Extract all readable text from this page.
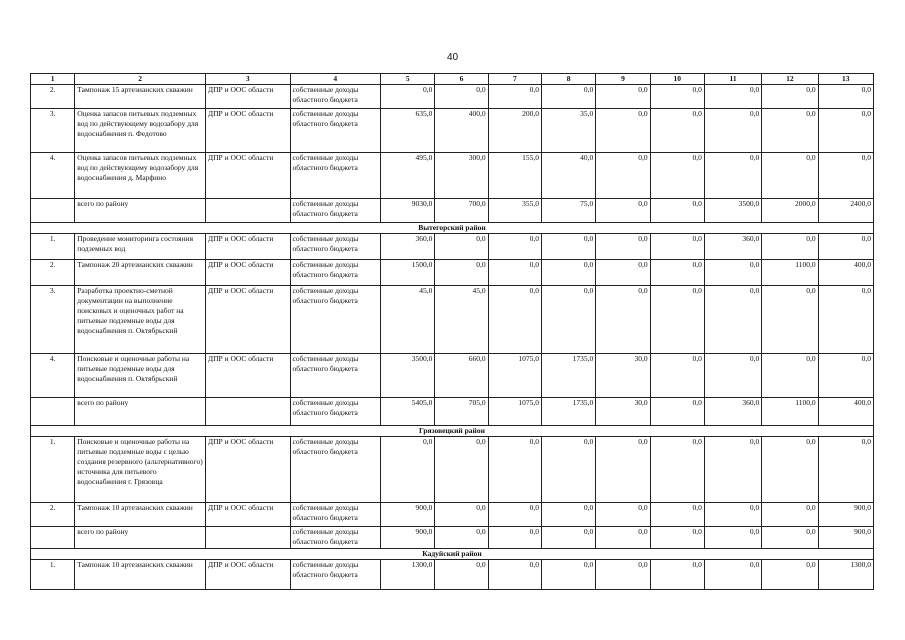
40
1	2	3	4	5	6	7	8	9	10	11	12	13
2.	Тампонаж 15 артезианских скважин	ДПР и ООС области	собственные доходы областного бюджета	0,0	0,0	0,0	0,0	0,0	0,0	0,0	0,0	0,0
3.	Оценка запасов питьевых подземных вод по действующему водозабору для водоснабжения п. Федотово	ДПР и ООС области	собственные доходы областного бюджета	635,0	400,0	200,0	35,0	0,0	0,0	0,0	0,0	0,0
4.	Оценка запасов питьевых подземных вод по действующему водозабору для водоснабжения д. Марфино	ДПР и ООС области	собственные доходы областного бюджета	495,0	300,0	155,0	40,0	0,0	0,0	0,0	0,0	0,0
	всего по району		собственные доходы областного бюджета	9030,0	700,0	355,0	75,0	0,0	0,0	3500,0	2000,0	2400,0
Вытегорский район												
1.	Проведение мониторинга состояния подземных вод	ДПР и ООС области	собственные доходы областного бюджета	360,0	0,0	0,0	0,0	0,0	0,0	360,0	0,0	0,0
2.	Тампонаж 20 артезианских скважин	ДПР и ООС области	собственные доходы областного бюджета	1500,0	0,0	0,0	0,0	0,0	0,0	0,0	1100,0	400,0
3.	Разработка проектно-сметной документации на выполнение поисковых и оценочных работ на питьевые подземные воды для водоснабжения п. Октябрьский	ДПР и ООС области	собственные доходы областного бюджета	45,0	45,0	0,0	0,0	0,0	0,0	0,0	0,0	0,0
4.	Поисковые и оценочные работы на питьевые подземные воды для водоснабжения п. Октябрьский	ДПР и ООС области	собственные доходы областного бюджета	3500,0	660,0	1075,0	1735,0	30,0	0,0	0,0	0,0	0,0
	всего по району		собственные доходы областного бюджета	5405,0	705,0	1075,0	1735,0	30,0	0,0	360,0	1100,0	400,0
Грязовецкий район												
1.	Поисковые и оценочные работы на питьевые подземные воды с целью создания резервного (альтернативного) источника для питьевого водоснабжения г. Грязовца	ДПР и ООС области	собственные доходы областного бюджета	0,0	0,0	0,0	0,0	0,0	0,0	0,0	0,0	0,0
2.	Тампонаж 10 артезианских скважин	ДПР и ООС области	собственные доходы областного бюджета	900,0	0,0	0,0	0,0	0,0	0,0	0,0	0,0	900,0
	всего по району		собственные доходы областного бюджета	900,0	0,0	0,0	0,0	0,0	0,0	0,0	0,0	900,0
Кадуйский район												
1.	Тампонаж 10 артезианских скважин	ДПР и ООС области	собственные доходы областного бюджета	1300,0	0,0	0,0	0,0	0,0	0,0	0,0	0,0	1300,0
